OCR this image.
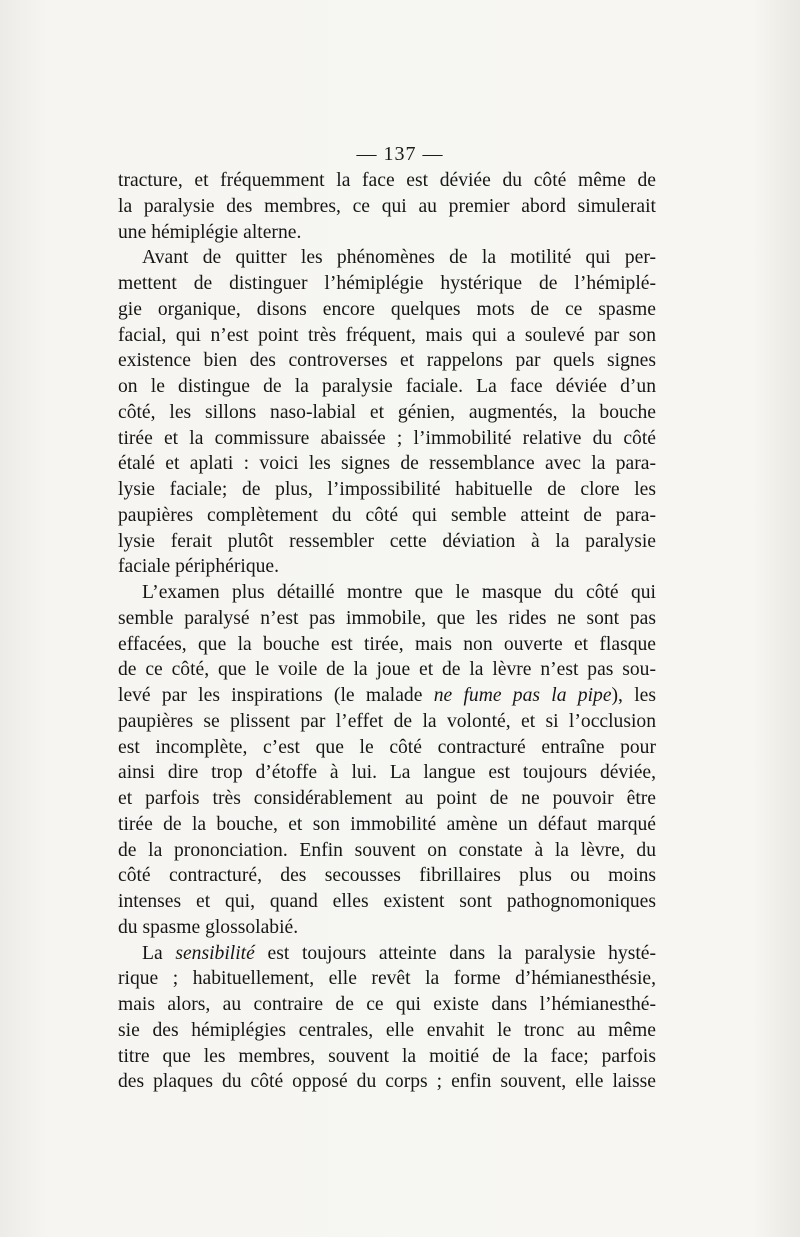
— 137 —
tracture, et fréquemment la face est déviée du côté même de
la paralysie des membres, ce qui au premier abord simulerait
une hémiplégie alterne.
Avant de quitter les phénomènes de la motilité qui per-
mettent de distinguer l’hémiplégie hystérique de l’hémiplé-
gie organique, disons encore quelques mots de ce spasme
facial, qui n’est point très fréquent, mais qui a soulevé par son
existence bien des controverses et rappelons par quels signes
on le distingue de la paralysie faciale. La face déviée d’un
côté, les sillons naso-labial et génien, augmentés, la bouche
tirée et la commissure abaissée ; l’immobilité relative du côté
étalé et aplati : voici les signes de ressemblance avec la para-
lysie faciale; de plus, l’impossibilité habituelle de clore les
paupières complètement du côté qui semble atteint de para-
lysie ferait plutôt ressembler cette déviation à la paralysie
faciale périphérique.
L’examen plus détaillé montre que le masque du côté qui
semble paralysé n’est pas immobile, que les rides ne sont pas
effacées, que la bouche est tirée, mais non ouverte et flasque
de ce côté, que le voile de la joue et de la lèvre n’est pas sou-
levé par les inspirations (le malade ne fume pas la pipe), les
paupières se plissent par l’effet de la volonté, et si l’occlusion
est incomplète, c’est que le côté contracturé entraîne pour
ainsi dire trop d’étoffe à lui. La langue est toujours déviée,
et parfois très considérablement au point de ne pouvoir être
tirée de la bouche, et son immobilité amène un défaut marqué
de la prononciation. Enfin souvent on constate à la lèvre, du
côté contracturé, des secousses fibrillaires plus ou moins
intenses et qui, quand elles existent sont pathognomoniques
du spasme glossolabié.
La sensibilité est toujours atteinte dans la paralysie hysté-
rique ; habituellement, elle revêt la forme d’hémianesthésie,
mais alors, au contraire de ce qui existe dans l’hémianesthé-
sie des hémiplégies centrales, elle envahit le tronc au même
titre que les membres, souvent la moitié de la face; parfois
des plaques du côté opposé du corps ; enfin souvent, elle laisse
